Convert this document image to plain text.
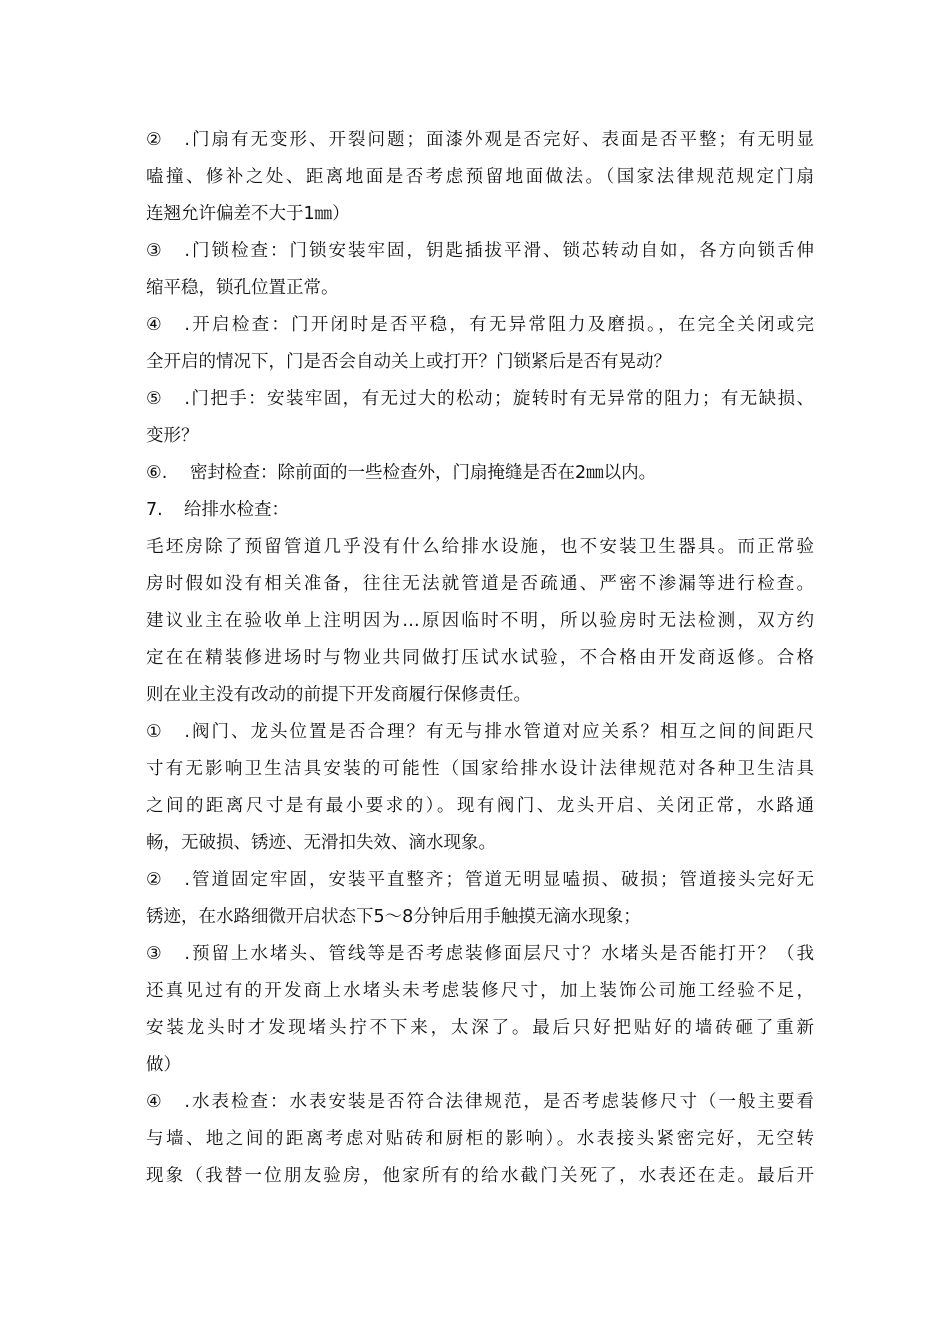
②.门扇有无变形、开裂问题；面漆外观是否完好、表面是否平整；有无明显
嗑撞、修补之处、距离地面是否考虑预留地面做法。（国家法律规范规定门扇
连翘允许偏差不大于1㎜）
③.门锁检查：门锁安装牢固，钥匙插拔平滑、锁芯转动自如，各方向锁舌伸
缩平稳，锁孔位置正常。
④.开启检查：门开闭时是否平稳，有无异常阻力及磨损。，在完全关闭或完
全开启的情况下，门是否会自动关上或打开？门锁紧后是否有晃动？
⑤.门把手：安装牢固，有无过大的松动；旋转时有无异常的阻力；有无缺损、
变形？
⑥. 密封检查：除前面的一些检查外，门扇掩缝是否在2㎜以内。
7. 给排水检查：
毛坯房除了预留管道几乎没有什么给排水设施，也不安装卫生器具。而正常验
房时假如没有相关准备，往往无法就管道是否疏通、严密不渗漏等进行检查。
建议业主在验收单上注明因为…原因临时不明，所以验房时无法检测，双方约
定在在精装修进场时与物业共同做打压试水试验，不合格由开发商返修。合格
则在业主没有改动的前提下开发商履行保修责任。
①.阀门、龙头位置是否合理？有无与排水管道对应关系？相互之间的间距尺
寸有无影响卫生洁具安装的可能性（国家给排水设计法律规范对各种卫生洁具
之间的距离尺寸是有最小要求的）。现有阀门、龙头开启、关闭正常，水路通
畅，无破损、锈迹、无滑扣失效、滴水现象。
②.管道固定牢固，安装平直整齐；管道无明显嗑损、破损；管道接头完好无
锈迹，在水路细微开启状态下5～8分钟后用手触摸无滴水现象；
③.预留上水堵头、管线等是否考虑装修面层尺寸？水堵头是否能打开？（我
还真见过有的开发商上水堵头未考虑装修尺寸，加上装饰公司施工经验不足，
安装龙头时才发现堵头拧不下来，太深了。最后只好把贴好的墙砖砸了重新
做）
④.水表检查：水表安装是否符合法律规范，是否考虑装修尺寸（一般主要看
与墙、地之间的距离考虑对贴砖和厨柜的影响）。水表接头紧密完好，无空转
现象（我替一位朋友验房，他家所有的给水截门关死了，水表还在走。最后开
